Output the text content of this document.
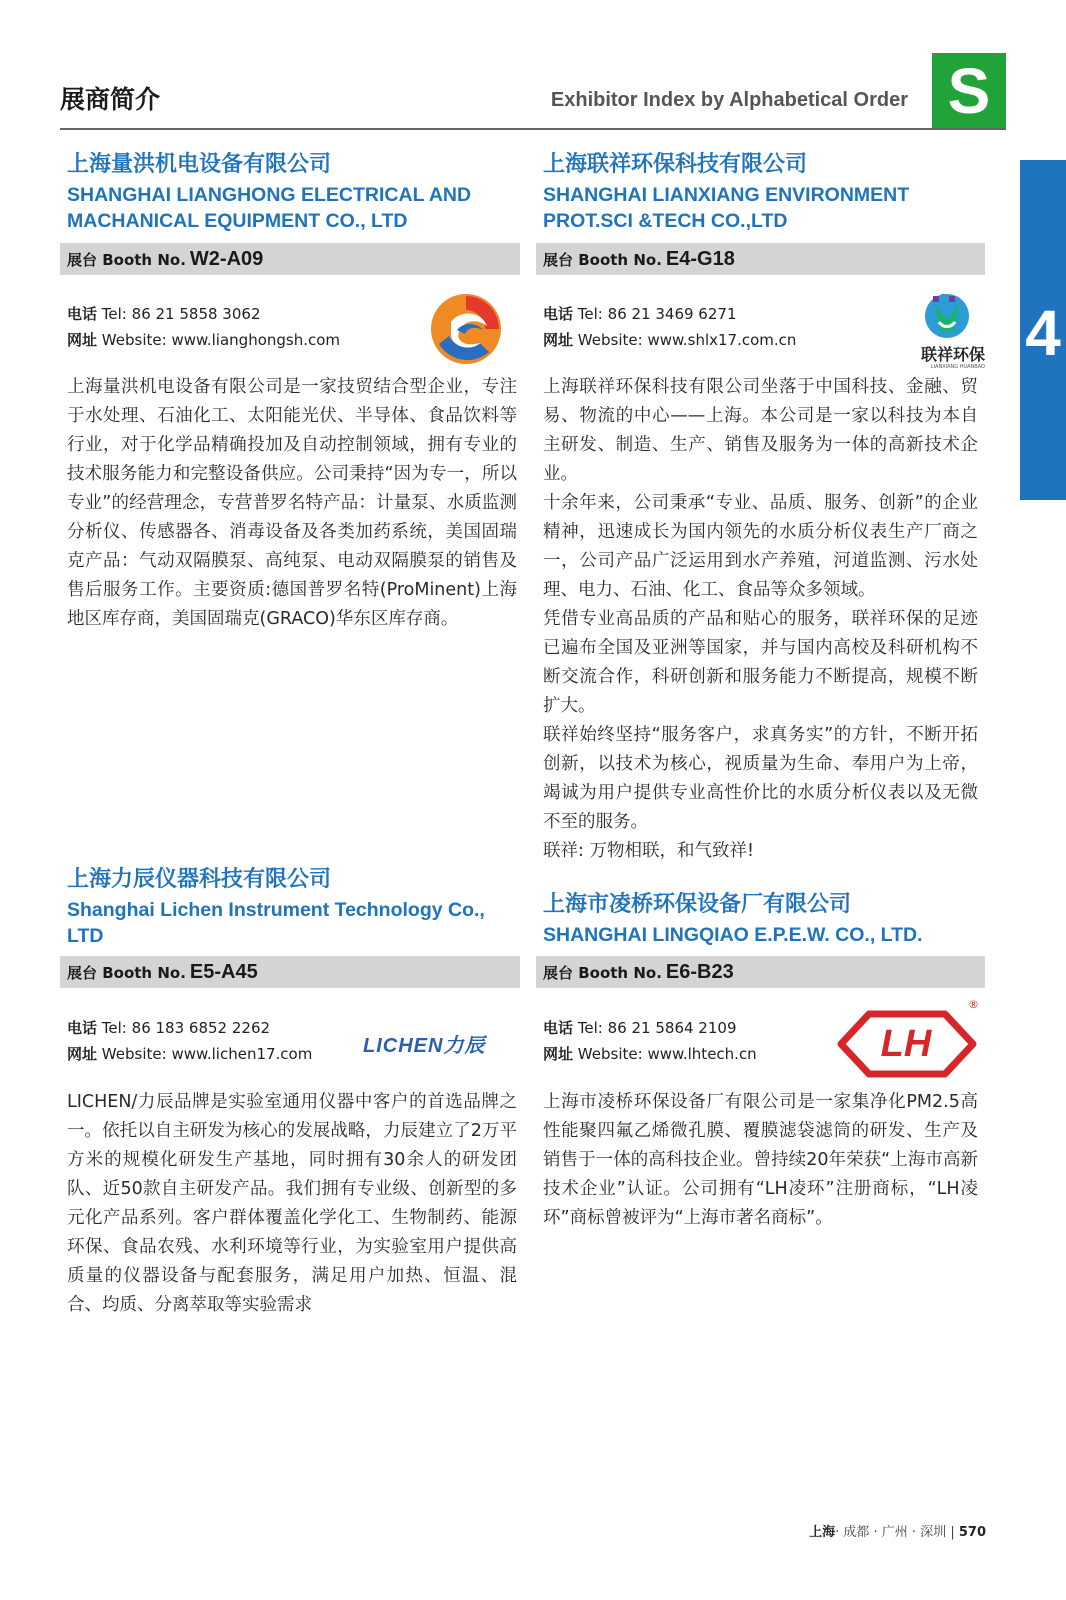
展商简介	Exhibitor Index by Alphabetical Order S
4
上海量洪机电设备有限公司
SHANGHAI LIANGHONG ELECTRICAL AND MACHANICAL EQUIPMENT CO., LTD
展台 Booth No. W2-A09
电话 Tel: 86 21 5858 3062
网址 Website: www.lianghongsh.com
上海量洪机电设备有限公司是一家技贸结合型企业，专注于水处理、石油化工、太阳能光伏、半导体、食品饮料等行业，对于化学品精确投加及自动控制领域，拥有专业的技术服务能力和完整设备供应。公司秉持“因为专一，所以专业”的经营理念，专营普罗名特产品：计量泵、水质监测分析仪、传感器各、消毒设备及各类加药系统，美国固瑞克产品：气动双隔膜泵、高纯泵、电动双隔膜泵的销售及售后服务工作。主要资质:德国普罗名特(ProMinent)上海地区库存商，美国固瑞克(GRACO)华东区库存商。
上海联祥环保科技有限公司
SHANGHAI LIANXIANG ENVIRONMENT PROT.SCI &TECH CO.,LTD
展台 Booth No. E4-G18
电话 Tel: 86 21 3469 6271
网址 Website: www.shlx17.com.cn
联祥环保
LIANXIANG HUANBAO

上海联祥环保科技有限公司坐落于中国科技、金融、贸易、物流的中心——上海。本公司是一家以科技为本自主研发、制造、生产、销售及服务为一体的高新技术企业。

十余年来，公司秉承“专业、品质、服务、创新”的企业精神，迅速成长为国内领先的水质分析仪表生产厂商之一，公司产品广泛运用到水产养殖，河道监测、污水处理、电力、石油、化工、食品等众多领域。

凭借专业高品质的产品和贴心的服务，联祥环保的足迹已遍布全国及亚洲等国家，并与国内高校及科研机构不断交流合作，科研创新和服务能力不断提高，规模不断扩大。

联祥始终坚持“服务客户，求真务实”的方针，不断开拓创新，以技术为核心，视质量为生命、奉用户为上帝，竭诚为用户提供专业高性价比的水质分析仪表以及无微不至的服务。

联祥: 万物相联，和气致祥!

上海力辰仪器科技有限公司
Shanghai Lichen Instrument Technology Co., LTD
展台 Booth No. E5-A45
电话 Tel: 86 183 6852 2262
网址 Website: www.lichen17.com	LICHEN力辰
LICHEN/力辰品牌是实验室通用仪器中客户的首选品牌之一。依托以自主研发为核心的发展战略，力辰建立了2万平方米的规模化研发生产基地，同时拥有30余人的研发团队、近50款自主研发产品。我们拥有专业级、创新型的多元化产品系列。客户群体覆盖化学化工、生物制药、能源环保、食品农残、水利环境等行业，为实验室用户提供高质量的仪器设备与配套服务，满足用户加热、恒温、混合、均质、分离萃取等实验需求
上海市凌桥环保设备厂有限公司
SHANGHAI LINGQIAO E.P.E.W. CO., LTD.
展台 Booth No. E6-B23
电话 Tel: 86 21 5864 2109
网址 Website: www.lhtech.cn	LH
®
上海市凌桥环保设备厂有限公司是一家集净化PM2.5高性能聚四氟乙烯微孔膜、覆膜滤袋滤筒的研发、生产及销售于一体的高科技企业。曾持续20年荣获“上海市高新技术企业”认证。公司拥有“LH凌环”注册商标，“LH凌环”商标曾被评为“上海市著名商标”。
上海· 成都 · 广州 · 深圳 | 570
